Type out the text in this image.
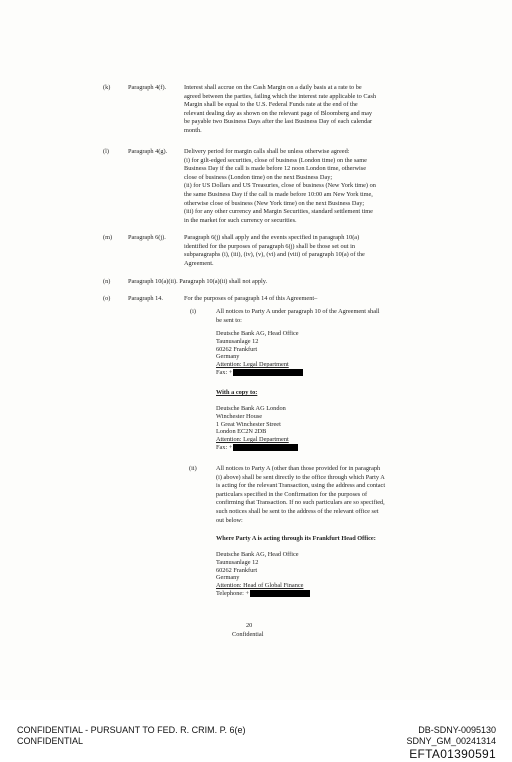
(k)	Paragraph 4(f).	Interest shall accrue on the Cash Margin on a daily basis at a rate to be
agreed between the parties, failing which the interest rate applicable to Cash
Margin shall be equal to the U.S. Federal Funds rate at the end of the
relevant dealing day as shown on the relevant page of Bloomberg and may
be payable two Business Days after the last Business Day of each calendar
month.
(l)	Paragraph 4(g).	Delivery period for margin calls shall be unless otherwise agreed:
(i) for gilt-edged securities, close of business (London time) on the same
Business Day if the call is made before 12 noon London time, otherwise
close of business (London time) on the next Business Day;
(ii) for US Dollars and US Treasuries, close of business (New York time) on
the same Business Day if the call is made before 10:00 am New York time,
otherwise close of business (New York time) on the next Business Day;
(iii) for any other currency and Margin Securities, standard settlement time
in the market for such currency or securities.
(m)	Paragraph 6(j).	Paragraph 6(j) shall apply and the events specified in paragraph 10(a)
identified for the purposes of paragraph 6(j) shall be those set out in
subparagraphs (i), (iii), (iv), (v), (vi) and (viii) of paragraph 10(a) of the
Agreement.
(n)	Paragraph 10(a)(ii). Paragraph 10(a)(ii) shall not apply.
(o)	Paragraph 14.	For the purposes of paragraph 14 of this Agreement–
(i)	All notices to Party A under paragraph 10 of the Agreement shall
be sent to:
Deutsche Bank AG, Head Office
Taunusanlage 12
60262 Frankfurt
Germany
Attention: Legal Department
Fax: +
With a copy to:
Deutsche Bank AG London
Winchester House
1 Great Winchester Street
London EC2N 2DB
Attention: Legal Department
Fax: +
(ii)	All notices to Party A (other than those provided for in paragraph
(i) above) shall be sent directly to the office through which Party A
is acting for the relevant Transaction, using the address and contact
particulars specified in the Confirmation for the purposes of
confirming that Transaction. If no such particulars are so specified,
such notices shall be sent to the address of the relevant office set
out below:
Where Party A is acting through its Frankfurt Head Office:
Deutsche Bank AG, Head Office
Taunusanlage 12
60262 Frankfurt
Germany
Attention: Head of Global Finance
Telephone: +
20
Confidential
CONFIDENTIAL - PURSUANT TO FED. R. CRIM. P. 6(e)
CONFIDENTIAL
DB-SDNY-0095130
SDNY_GM_00241314
EFTA01390591
